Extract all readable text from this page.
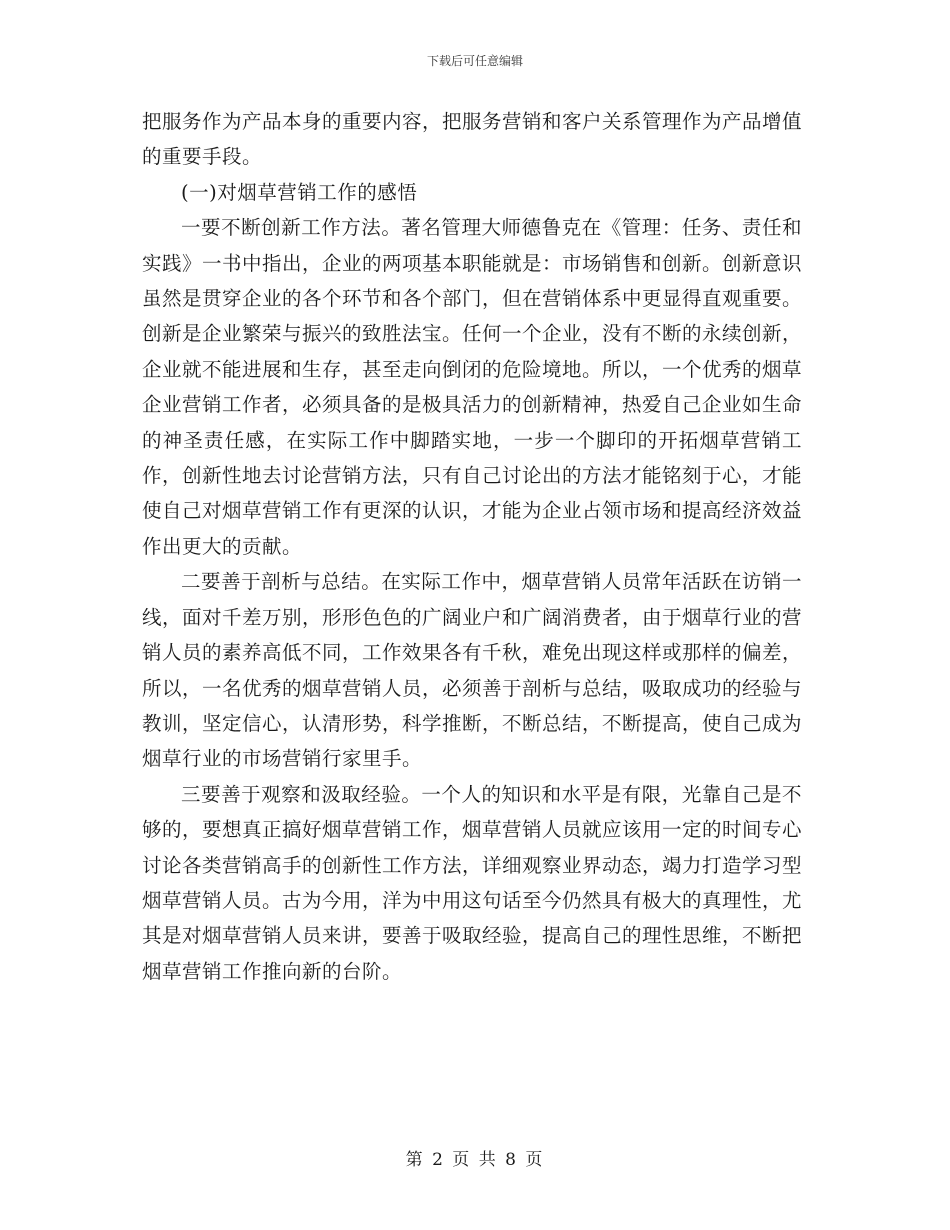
下载后可任意编辑

把服务作为产品本身的重要内容，把服务营销和客户关系管理作为产品增值的重要手段。

(一)对烟草营销工作的感悟

一要不断创新工作方法。著名管理大师德鲁克在《管理：任务、责任和实践》一书中指出，企业的两项基本职能就是：市场销售和创新。创新意识虽然是贯穿企业的各个环节和各个部门，但在营销体系中更显得直观重要。 创新是企业繁荣与振兴的致胜法宝。任何一个企业，没有不断的永续创新，企业就不能进展和生存，甚至走向倒闭的危险境地。所以，一个优秀的烟草企业营销工作者，必须具备的是极具活力的创新精神，热爱自己企业如生命的神圣责任感，在实际工作中脚踏实地，一步一个脚印的开拓烟草营销工作，创新性地去讨论营销方法，只有自己讨论出的方法才能铭刻于心，才能使自己对烟草营销工作有更深的认识，才能为企业占领市场和提高经济效益作出更大的贡献。

二要善于剖析与总结。在实际工作中，烟草营销人员常年活跃在访销一线，面对千差万别，形形色色的广阔业户和广阔消费者，由于烟草行业的营销人员的素养高低不同，工作效果各有千秋，难免出现这样或那样的偏差，所以，一名优秀的烟草营销人员，必须善于剖析与总结，吸取成功的经验与教训，坚定信心，认清形势，科学推断，不断总结，不断提高，使自己成为烟草行业的市场营销行家里手。

三要善于观察和汲取经验。一个人的知识和水平是有限，光靠自己是不够的，要想真正搞好烟草营销工作，烟草营销人员就应该用一定的时间专心讨论各类营销高手的创新性工作方法，详细观察业界动态，竭力打造学习型烟草营销人员。古为今用，洋为中用这句话至今仍然具有极大的真理性，尤其是对烟草营销人员来讲，要善于吸取经验，提高自己的理性思维，不断把烟草营销工作推向新的台阶。

第 2 页 共 8 页
